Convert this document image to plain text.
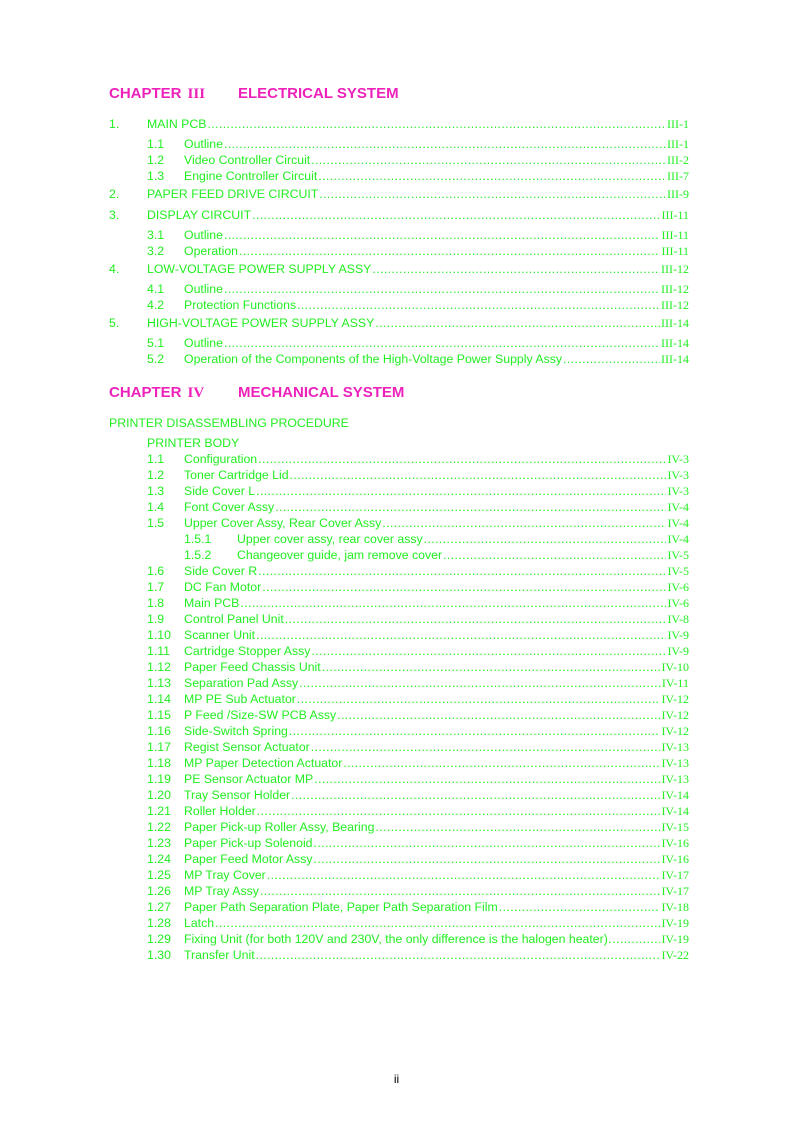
CHAPTER III ELECTRICAL SYSTEM
1. MAIN PCB .....	III-1
1.1 Outline .....	III-1
1.2 Video Controller Circuit .....	III-2
1.3 Engine Controller Circuit .....	III-7
2. PAPER FEED DRIVE CIRCUIT .....	III-9
3. DISPLAY CIRCUIT .....	III-11
3.1 Outline .....	III-11
3.2 Operation .....	III-11
4. LOW-VOLTAGE POWER SUPPLY ASSY .....	III-12
4.1 Outline .....	III-12
4.2 Protection Functions .....	III-12
5. HIGH-VOLTAGE POWER SUPPLY ASSY .....	III-14
5.1 Outline .....	III-14
5.2 Operation of the Components of the High-Voltage Power Supply Assy .....	III-14
CHAPTER IV MECHANICAL SYSTEM
PRINTER DISASSEMBLING PROCEDURE
PRINTER BODY
1.1 Configuration .....	IV-3
1.2 Toner Cartridge Lid .....	IV-3
1.3 Side Cover L .....	IV-3
1.4 Font Cover Assy .....	IV-4
1.5 Upper Cover Assy, Rear Cover Assy .....	IV-4
1.5.1 Upper cover assy, rear cover assy .....	IV-4
1.5.2 Changeover guide, jam remove cover .....	IV-5
1.6 Side Cover R .....	IV-5
1.7 DC Fan Motor .....	IV-6
1.8 Main PCB .....	IV-6
1.9 Control Panel Unit .....	IV-8
1.10 Scanner Unit .....	IV-9
1.11 Cartridge Stopper Assy .....	IV-9
1.12 Paper Feed Chassis Unit .....	IV-10
1.13 Separation Pad Assy .....	IV-11
1.14 MP PE Sub Actuator .....	IV-12
1.15 P Feed /Size-SW PCB Assy .....	IV-12
1.16 Side-Switch Spring .....	IV-12
1.17 Regist Sensor Actuator .....	IV-13
1.18 MP Paper Detection Actuator .....	IV-13
1.19 PE Sensor Actuator MP .....	IV-13
1.20 Tray Sensor Holder .....	IV-14
1.21 Roller Holder .....	IV-14
1.22 Paper Pick-up Roller Assy, Bearing .....	IV-15
1.23 Paper Pick-up Solenoid .....	IV-16
1.24 Paper Feed Motor Assy .....	IV-16
1.25 MP Tray Cover .....	IV-17
1.26 MP Tray Assy .....	IV-17
1.27 Paper Path Separation Plate, Paper Path Separation Film .....	IV-18
1.28 Latch .....	IV-19
1.29 Fixing Unit (for both 120V and 230V, the only difference is the halogen heater). .....	IV-19
1.30 Transfer Unit .....	IV-22
ii
